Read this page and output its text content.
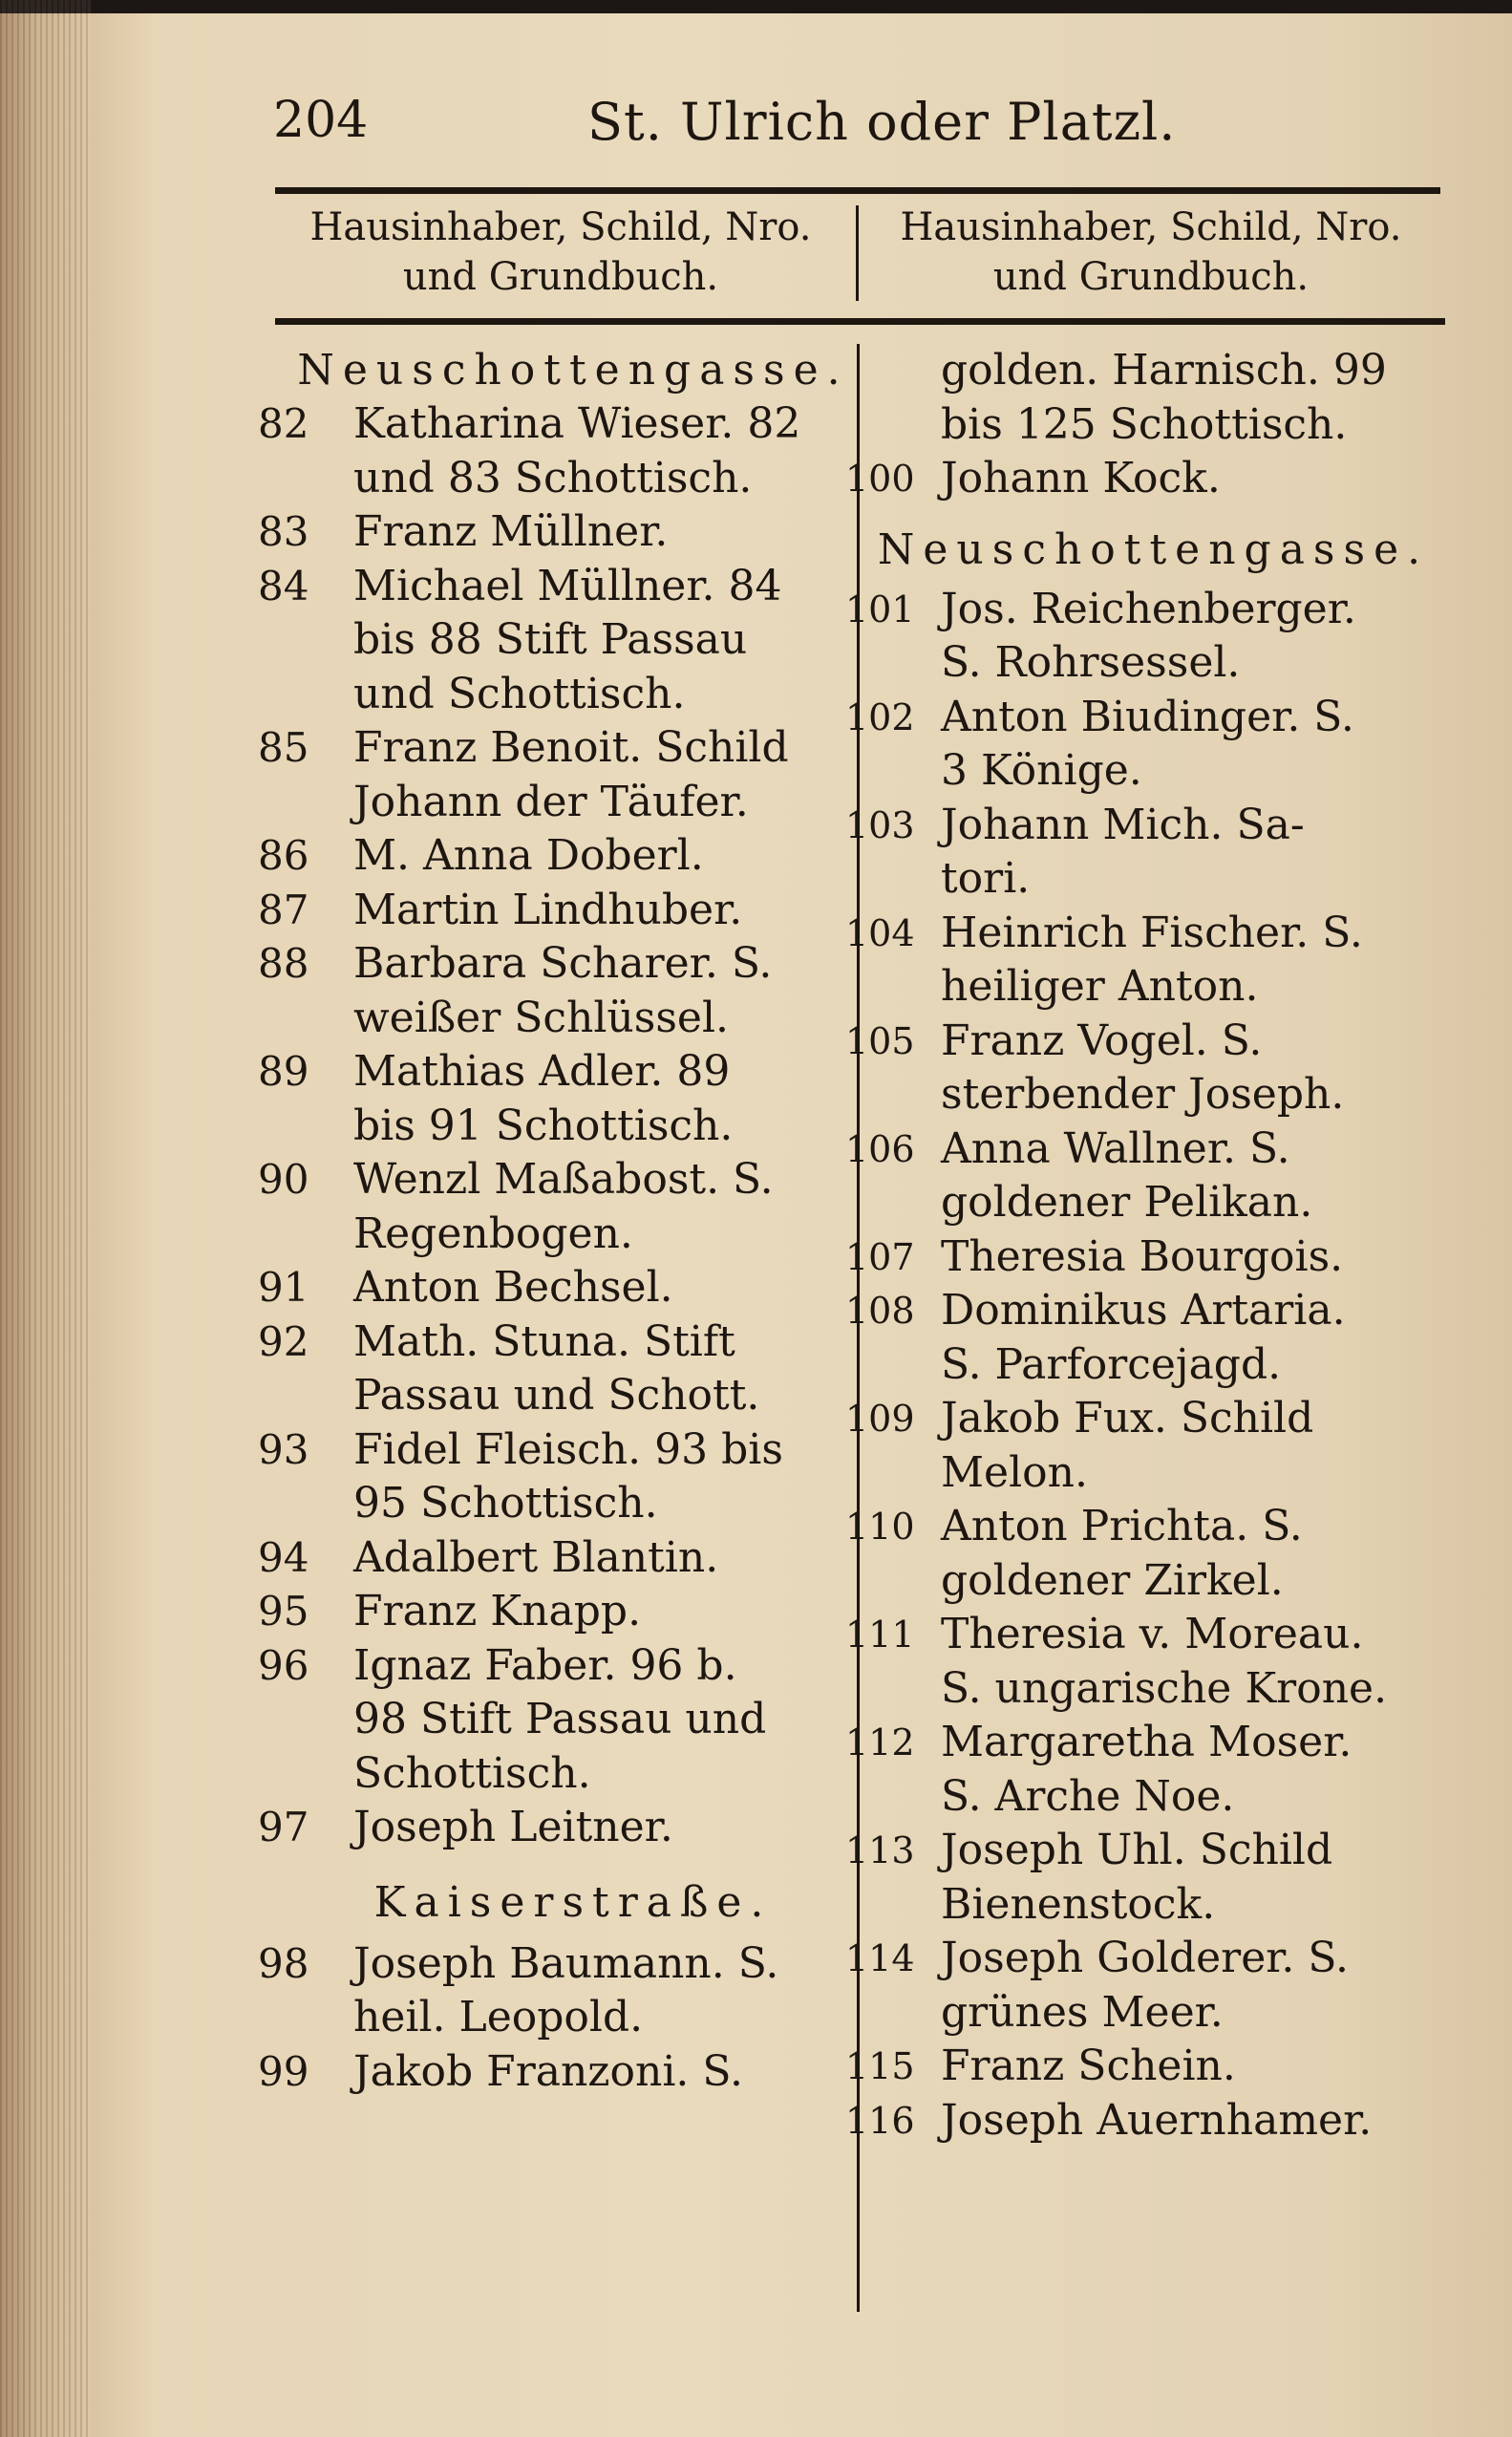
204	St. Ulrich oder Platzl.
Hausinhaber, Schild, Nro.
und Grundbuch.
Hausinhaber, Schild, Nro.
und Grundbuch.
Neuschottengasse.
82	Katharina Wieser. 82
und 83 Schottisch.
83	Franz Müllner.
84	Michael Müllner. 84
bis 88 Stift Passau
und Schottisch.
85	Franz Benoit. Schild
Johann der Täufer.
86	M. Anna Doberl.
87	Martin Lindhuber.
88	Barbara Scharer. S.
weißer Schlüssel.
89	Mathias Adler. 89
bis 91 Schottisch.
90	Wenzl Maßabost. S.
Regenbogen.
91	Anton Bechsel.
92	Math. Stuna. Stift
Passau und Schott.
93	Fidel Fleisch. 93 bis
95 Schottisch.
94	Adalbert Blantin.
95	Franz Knapp.
96	Ignaz Faber. 96 b.
98 Stift Passau und
Schottisch.
97	Joseph Leitner.
Kaiserstraße.
98	Joseph Baumann. S.
heil. Leopold.
99	Jakob Franzoni. S.
golden. Harnisch. 99
bis 125 Schottisch.
100 Johann Kock.
Neuschottengasse.
101 Jos. Reichenberger.
S. Rohrsessel.
102 Anton Biudinger. S.
3 Könige.
103 Johann Mich. Sa-
tori.
104 Heinrich Fischer. S.
heiliger Anton.
105 Franz Vogel. S.
sterbender Joseph.
106 Anna Wallner. S.
goldener Pelikan.
107 Theresia Bourgois.
108 Dominikus Artaria.
S. Parforcejagd.
109 Jakob Fux. Schild
Melon.
110 Anton Prichta. S.
goldener Zirkel.
111 Theresia v. Moreau.
S. ungarische Krone.
112 Margaretha Moser.
S. Arche Noe.
113 Joseph Uhl. Schild
Bienenstock.
114 Joseph Golderer. S.
grünes Meer.
115 Franz Schein.
116 Joseph Auernhamer.
